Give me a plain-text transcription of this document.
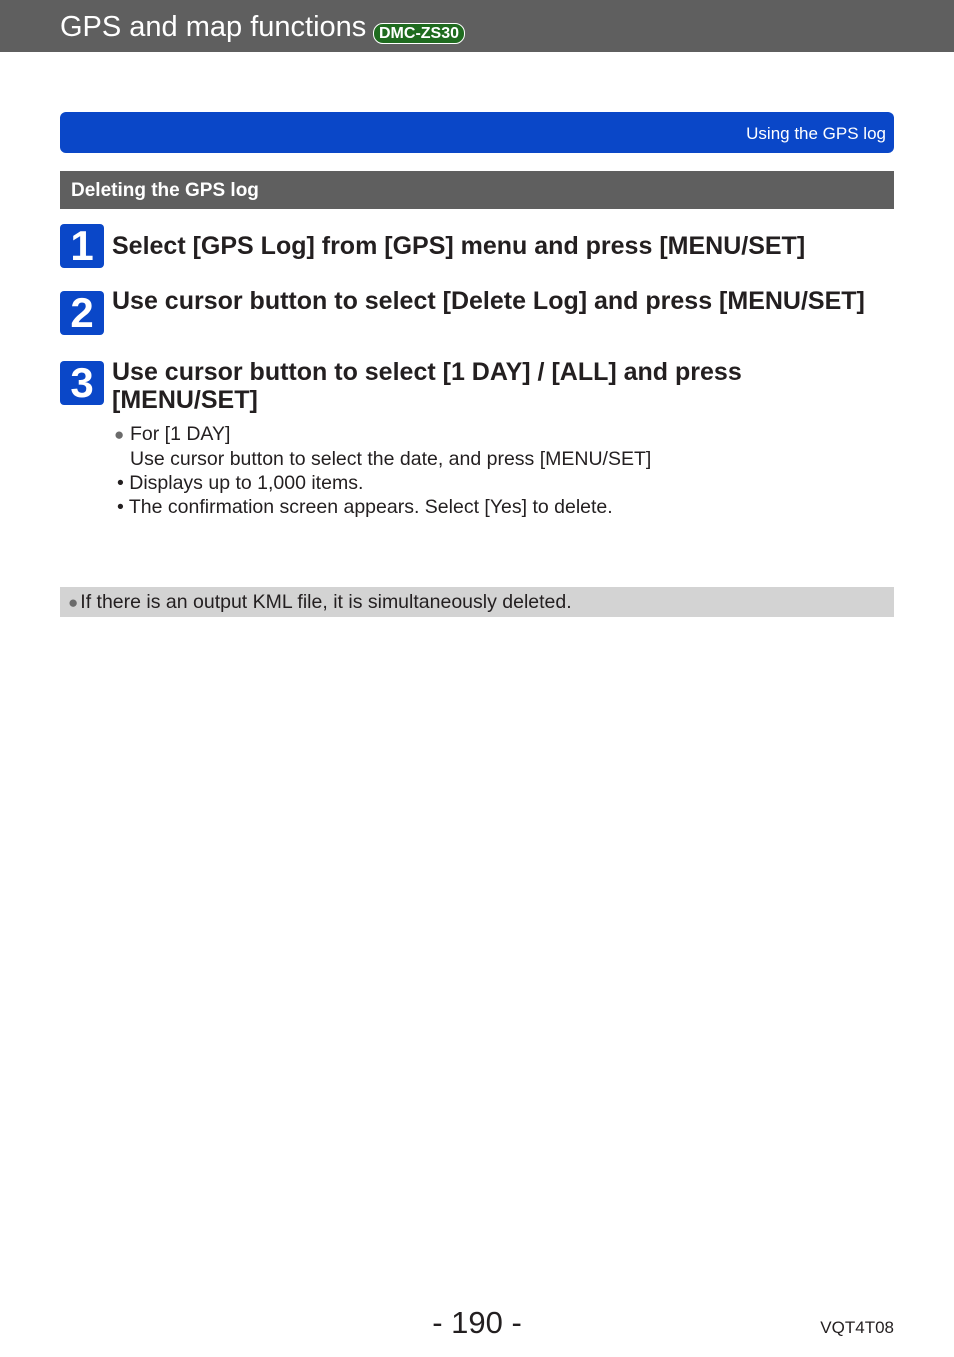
GPS and map functions DMC-ZS30
Using the GPS log
Deleting the GPS log
1 Select [GPS Log] from [GPS] menu and press [MENU/SET]
2 Use cursor button to select [Delete Log] and press [MENU/SET]
3 Use cursor button to select [1 DAY] / [ALL] and press [MENU/SET]
● For [1 DAY]
Use cursor button to select the date, and press [MENU/SET]
• Displays up to 1,000 items.
• The confirmation screen appears. Select [Yes] to delete.
● If there is an output KML file, it is simultaneously deleted.
- 190 -	VQT4T08
